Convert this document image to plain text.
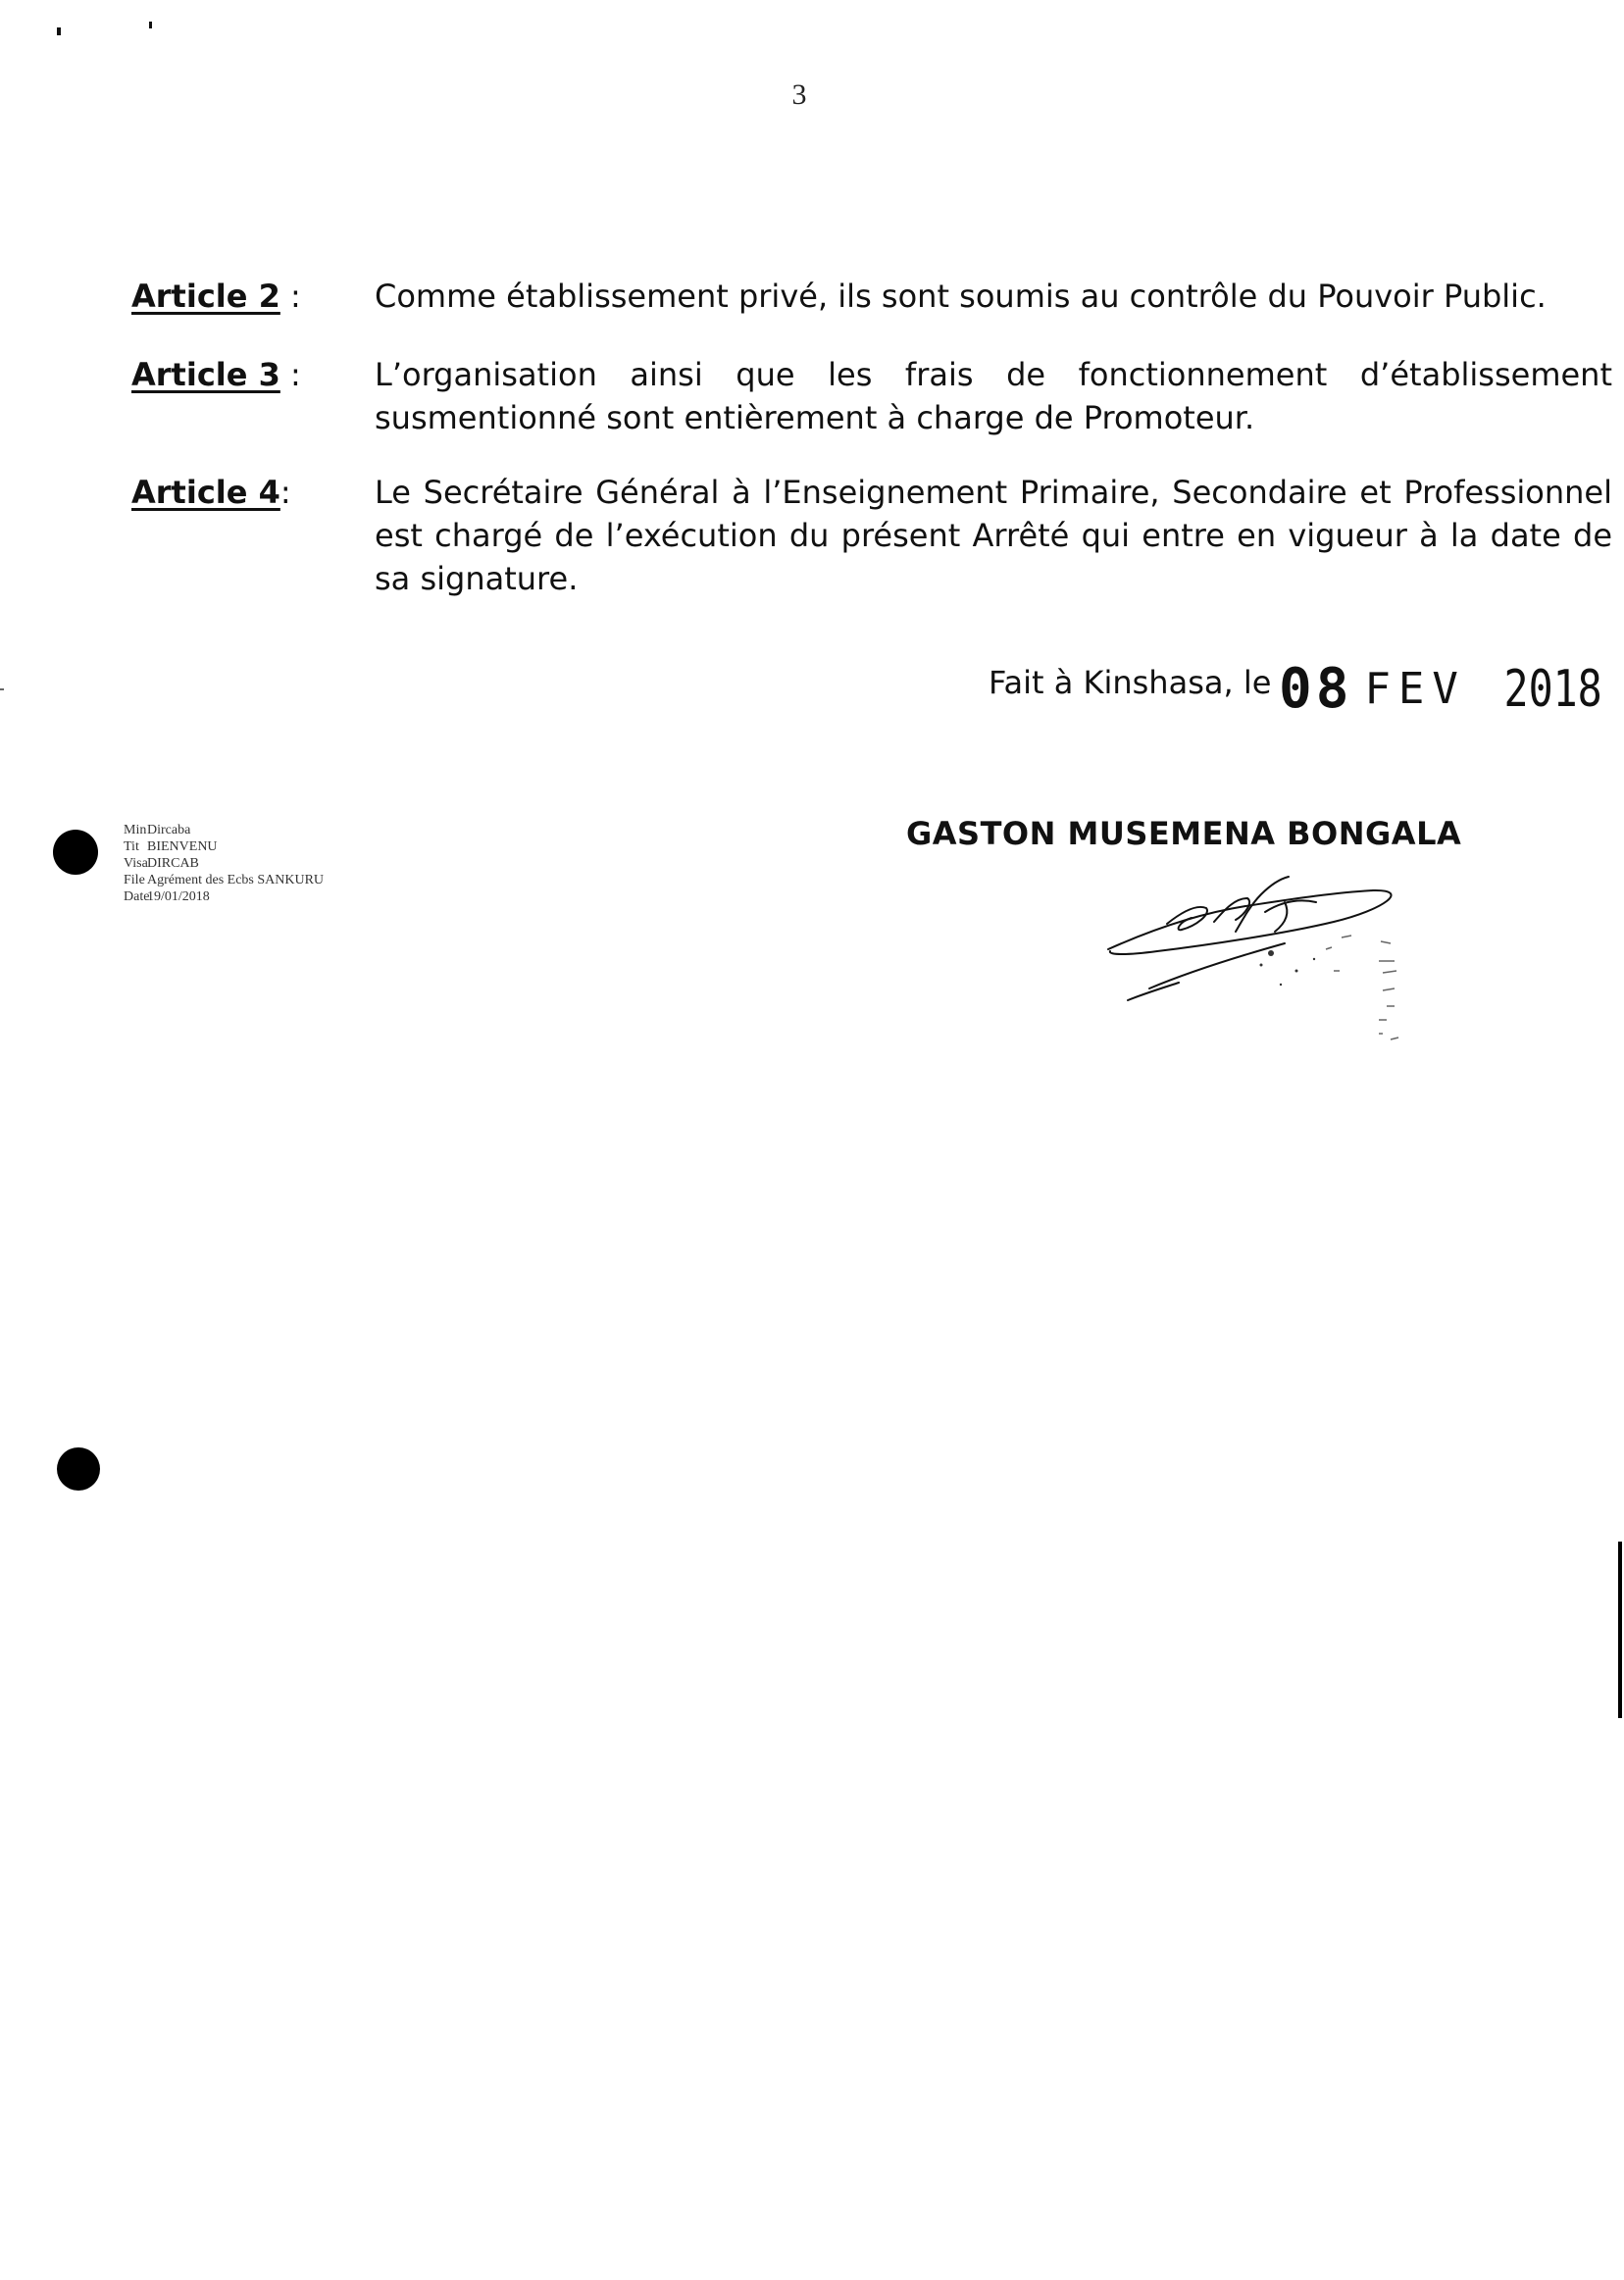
3
Article 2 :	Comme établissement privé, ils sont soumis au contrôle du Pouvoir Public.
Article 3 :	L’organisation ainsi que les frais de fonctionnement d’établissement susmentionné sont entièrement à charge de Promoteur.
Article 4:	Le Secrétaire Général à l’Enseignement Primaire, Secondaire et Professionnel est chargé de l’exécution du présent Arrêté qui entre en vigueur à la date de sa signature.
Fait à Kinshasa, le 08 FEV 2018
GASTON MUSEMENA BONGALA
MinDircaba
Tit BIENVENU
VisaDIRCAB
File Agrément des Ecbs SANKURU
Date19/01/2018
